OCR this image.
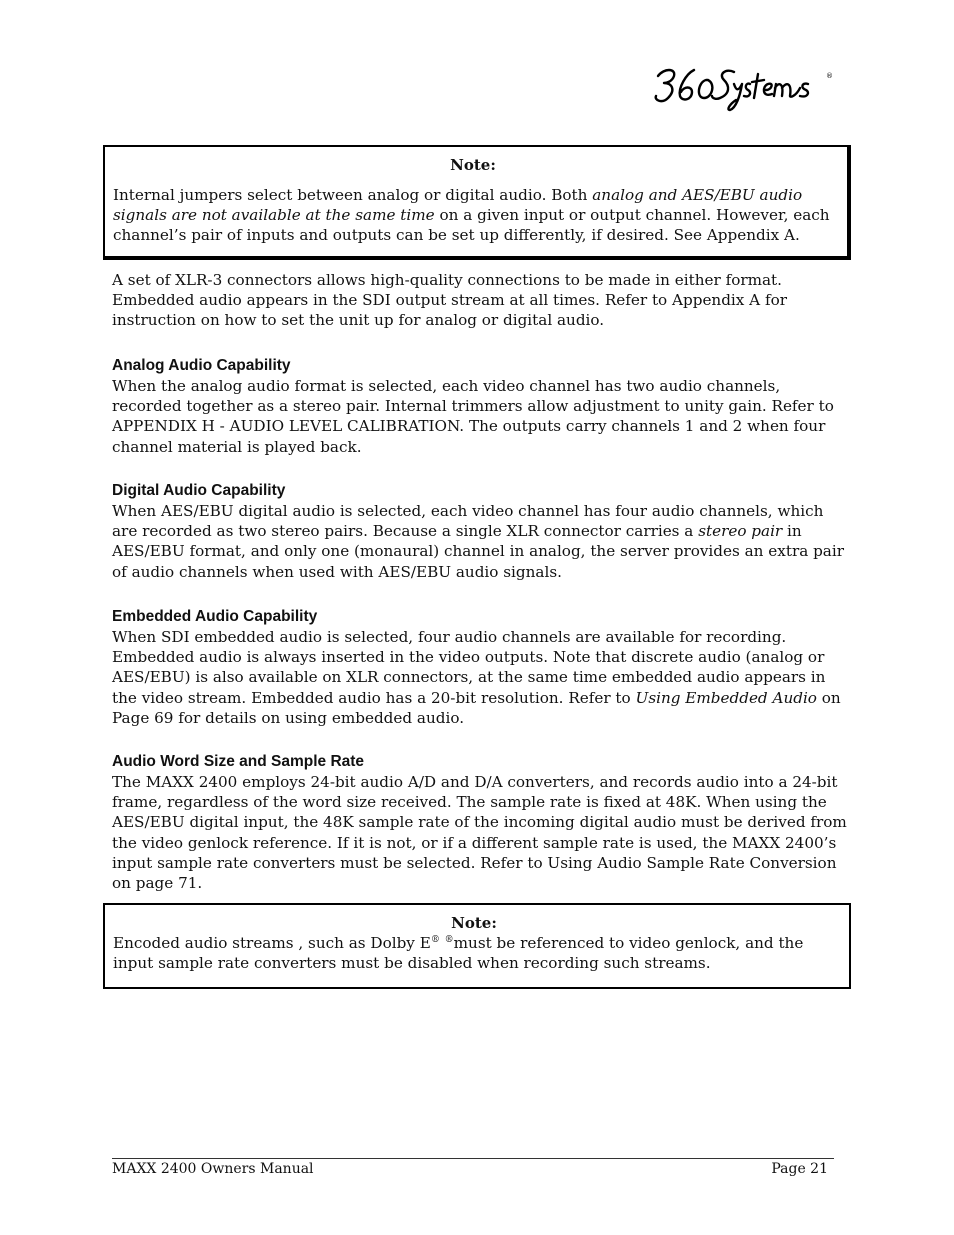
®

Note:

Internal jumpers select between analog or digital audio. Both analog and AES/EBU audio signals are not available at the same time on a given input or output channel. However, each channel’s pair of inputs and outputs can be set up differently, if desired. See Appendix A.

A set of XLR-3 connectors allows high-quality connections to be made in either format. Embedded audio appears in the SDI output stream at all times. Refer to Appendix A for instruction on how to set the unit up for analog or digital audio.

Analog Audio Capability

When the analog audio format is selected, each video channel has two audio channels, recorded together as a stereo pair. Internal trimmers allow adjustment to unity gain. Refer to APPENDIX H - AUDIO LEVEL CALIBRATION. The outputs carry channels 1 and 2 when four channel material is played back.

Digital Audio Capability

When AES/EBU digital audio is selected, each video channel has four audio channels, which are recorded as two stereo pairs. Because a single XLR connector carries a stereo pair in AES/EBU format, and only one (monaural) channel in analog, the server provides an extra pair of audio channels when used with AES/EBU audio signals.

Embedded Audio Capability

When SDI embedded audio is selected, four audio channels are available for recording. Embedded audio is always inserted in the video outputs. Note that discrete audio (analog or AES/EBU) is also available on XLR connectors, at the same time embedded audio appears in the video stream. Embedded audio has a 20-bit resolution. Refer to Using Embedded Audio on Page 69 for details on using embedded audio.

Audio Word Size and Sample Rate

The MAXX 2400 employs 24-bit audio A/D and D/A converters, and records audio into a 24-bit frame, regardless of the word size received. The sample rate is fixed at 48K. When using the AES/EBU digital input, the 48K sample rate of the incoming digital audio must be derived from the video genlock reference. If it is not, or if a different sample rate is used, the MAXX 2400’s input sample rate converters must be selected. Refer to Using Audio Sample Rate Conversion on page 71.

Note:

Encoded audio streams , such as Dolby E® ®must be referenced to video genlock, and the input sample rate converters must be disabled when recording such streams.

MAXX 2400 Owners Manual	Page 21
